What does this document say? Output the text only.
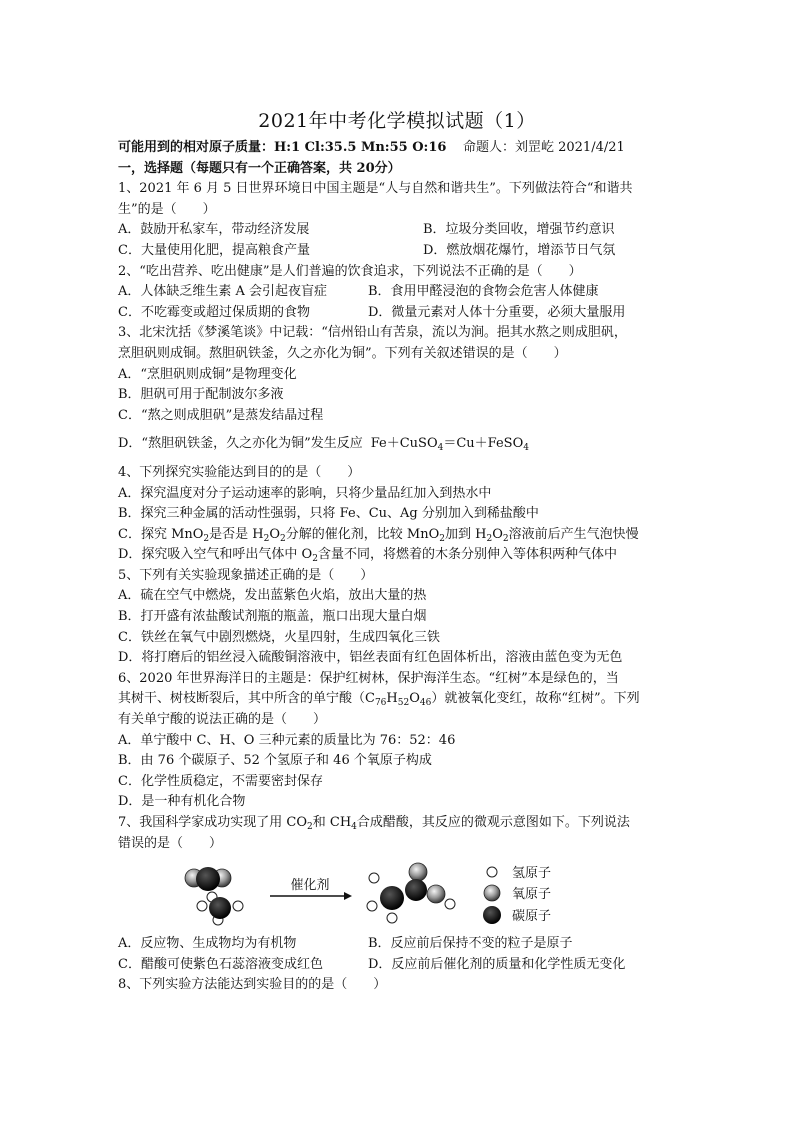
2021年中考化学模拟试题（1）
可能用到的相对原子质量：H:1 Cl:35.5 Mn:55 O:16 命题人：刘罡屹 2021/4/21
一，选择题（每题只有一个正确答案，共 20分）
1、2021 年 6 月 5 日世界环境日中国主题是“人与自然和谐共生”。下列做法符合“和谐共
生”的是（　　）
A．鼓励开私家车，带动经济发展	B．垃圾分类回收，增强节约意识
C．大量使用化肥，提高粮食产量	D．燃放烟花爆竹，增添节日气氛
2、“吃出营养、吃出健康”是人们普遍的饮食追求，下列说法不正确的是（　　）
A．人体缺乏维生素 A 会引起夜盲症	B．食用甲醛浸泡的食物会危害人体健康
C．不吃霉变或超过保质期的食物	D．微量元素对人体十分重要，必须大量服用
3、北宋沈括《梦溪笔谈》中记载：“信州铅山有苦泉，流以为涧。挹其水熬之则成胆矾，
烹胆矾则成铜。熬胆矾铁釜，久之亦化为铜”。下列有关叙述错误的是（　　）
A．“烹胆矾则成铜”是物理变化
B．胆矾可用于配制波尔多液
C．“熬之则成胆矾”是蒸发结晶过程
D．“熬胆矾铁釜，久之亦化为铜”发生反应 Fe＋CuSO$_4$＝Cu＋FeSO$_4$
4、下列探究实验能达到目的的是（　　）
A．探究温度对分子运动速率的影响，只将少量品红加入到热水中
B．探究三种金属的活动性强弱，只将 Fe、Cu、Ag 分别加入到稀盐酸中
C．探究 MnO$_2$是否是 $H_2O_2$分解的催化剂，比较 MnO$_2$加到 $H_2O_2$溶液前后产生气泡快慢
D．探究吸入空气和呼出气体中 $O_2$含量不同，将燃着的木条分别伸入等体积两种气体中
5、下列有关实验现象描述正确的是（　　）
A．硫在空气中燃烧，发出蓝紫色火焰，放出大量的热
B．打开盛有浓盐酸试剂瓶的瓶盖，瓶口出现大量白烟
C．铁丝在氧气中剧烈燃烧，火星四射，生成四氧化三铁
D．将打磨后的铝丝浸入硫酸铜溶液中，铝丝表面有红色固体析出，溶液由蓝色变为无色
6、2020 年世界海洋日的主题是：保护红树林，保护海洋生态。“红树”本是绿色的，当
其树干、树枝断裂后，其中所含的单宁酸$(C_{76}H_{52}O_{46})$就被氧化变红，故称“红树”。下列
有关单宁酸的说法正确的是（　　）
A．单宁酸中 C、H、O 三种元素的质量比为 76：52：46
B．由 76 个碳原子、52 个氢原子和 46 个氧原子构成
C．化学性质稳定，不需要密封保存
D．是一种有机化合物
7、我国科学家成功实现了用 $CO_2$和 $CH_4$合成醋酸，其反应的微观示意图如下。下列说法
错误的是（　　）
催化剂
氢原子
氧原子
碳原子
A．反应物、生成物均为有机物	B．反应前后保持不变的粒子是原子
C．醋酸可使紫色石蕊溶液变成红色	D．反应前后催化剂的质量和化学性质无变化
8、下列实验方法能达到实验目的的是（　　）
